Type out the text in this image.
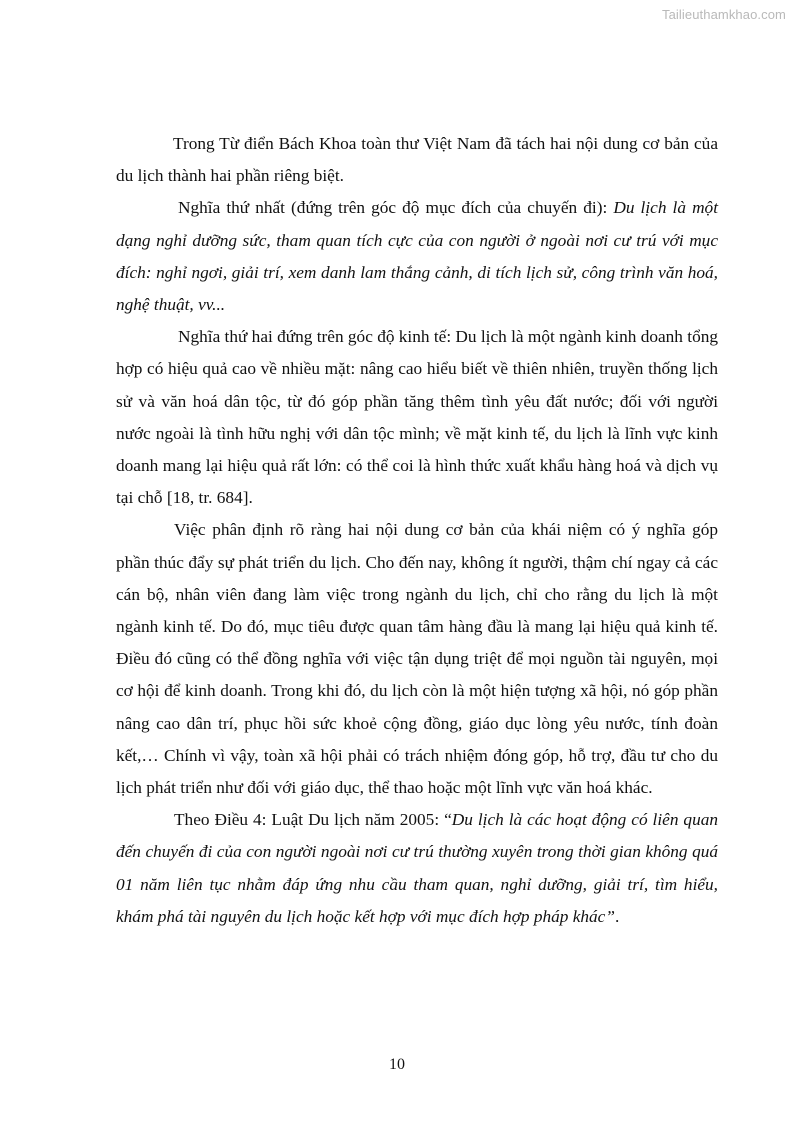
Tailieuthamkhao.com

Trong Từ điển Bách Khoa toàn thư Việt Nam đã tách hai nội dung cơ bản của du lịch thành hai phần riêng biệt.

Nghĩa thứ nhất (đứng trên góc độ mục đích của chuyến đi): Du lịch là một dạng nghỉ dưỡng sức, tham quan tích cực của con người ở ngoài nơi cư trú với mục đích: nghỉ ngơi, giải trí, xem danh lam thắng cảnh, di tích lịch sử, công trình văn hoá, nghệ thuật, vv...

Nghĩa thứ hai đứng trên góc độ kinh tế: Du lịch là một ngành kinh doanh tổng hợp có hiệu quả cao về nhiều mặt: nâng cao hiểu biết về thiên nhiên, truyền thống lịch sử và văn hoá dân tộc, từ đó góp phần tăng thêm tình yêu đất nước; đối với người nước ngoài là tình hữu nghị với dân tộc mình; về mặt kinh tế, du lịch là lĩnh vực kinh doanh mang lại hiệu quả rất lớn: có thể coi là hình thức xuất khẩu hàng hoá và dịch vụ tại chỗ [18, tr. 684].

Việc phân định rõ ràng hai nội dung cơ bản của khái niệm có ý nghĩa góp phần thúc đẩy sự phát triển du lịch. Cho đến nay, không ít người, thậm chí ngay cả các cán bộ, nhân viên đang làm việc trong ngành du lịch, chỉ cho rằng du lịch là một ngành kinh tế. Do đó, mục tiêu được quan tâm hàng đầu là mang lại hiệu quả kinh tế. Điều đó cũng có thể đồng nghĩa với việc tận dụng triệt để mọi nguồn tài nguyên, mọi cơ hội để kinh doanh. Trong khi đó, du lịch còn là một hiện tượng xã hội, nó góp phần nâng cao dân trí, phục hồi sức khoẻ cộng đồng, giáo dục lòng yêu nước, tính đoàn kết,… Chính vì vậy, toàn xã hội phải có trách nhiệm đóng góp, hỗ trợ, đầu tư cho du lịch phát triển như đối với giáo dục, thể thao hoặc một lĩnh vực văn hoá khác.

Theo Điều 4: Luật Du lịch năm 2005: “Du lịch là các hoạt động có liên quan đến chuyến đi của con người ngoài nơi cư trú thường xuyên trong thời gian không quá 01 năm liên tục nhằm đáp ứng nhu cầu tham quan, nghỉ dưỡng, giải trí, tìm hiểu, khám phá tài nguyên du lịch hoặc kết hợp với mục đích hợp pháp khác”.

10
